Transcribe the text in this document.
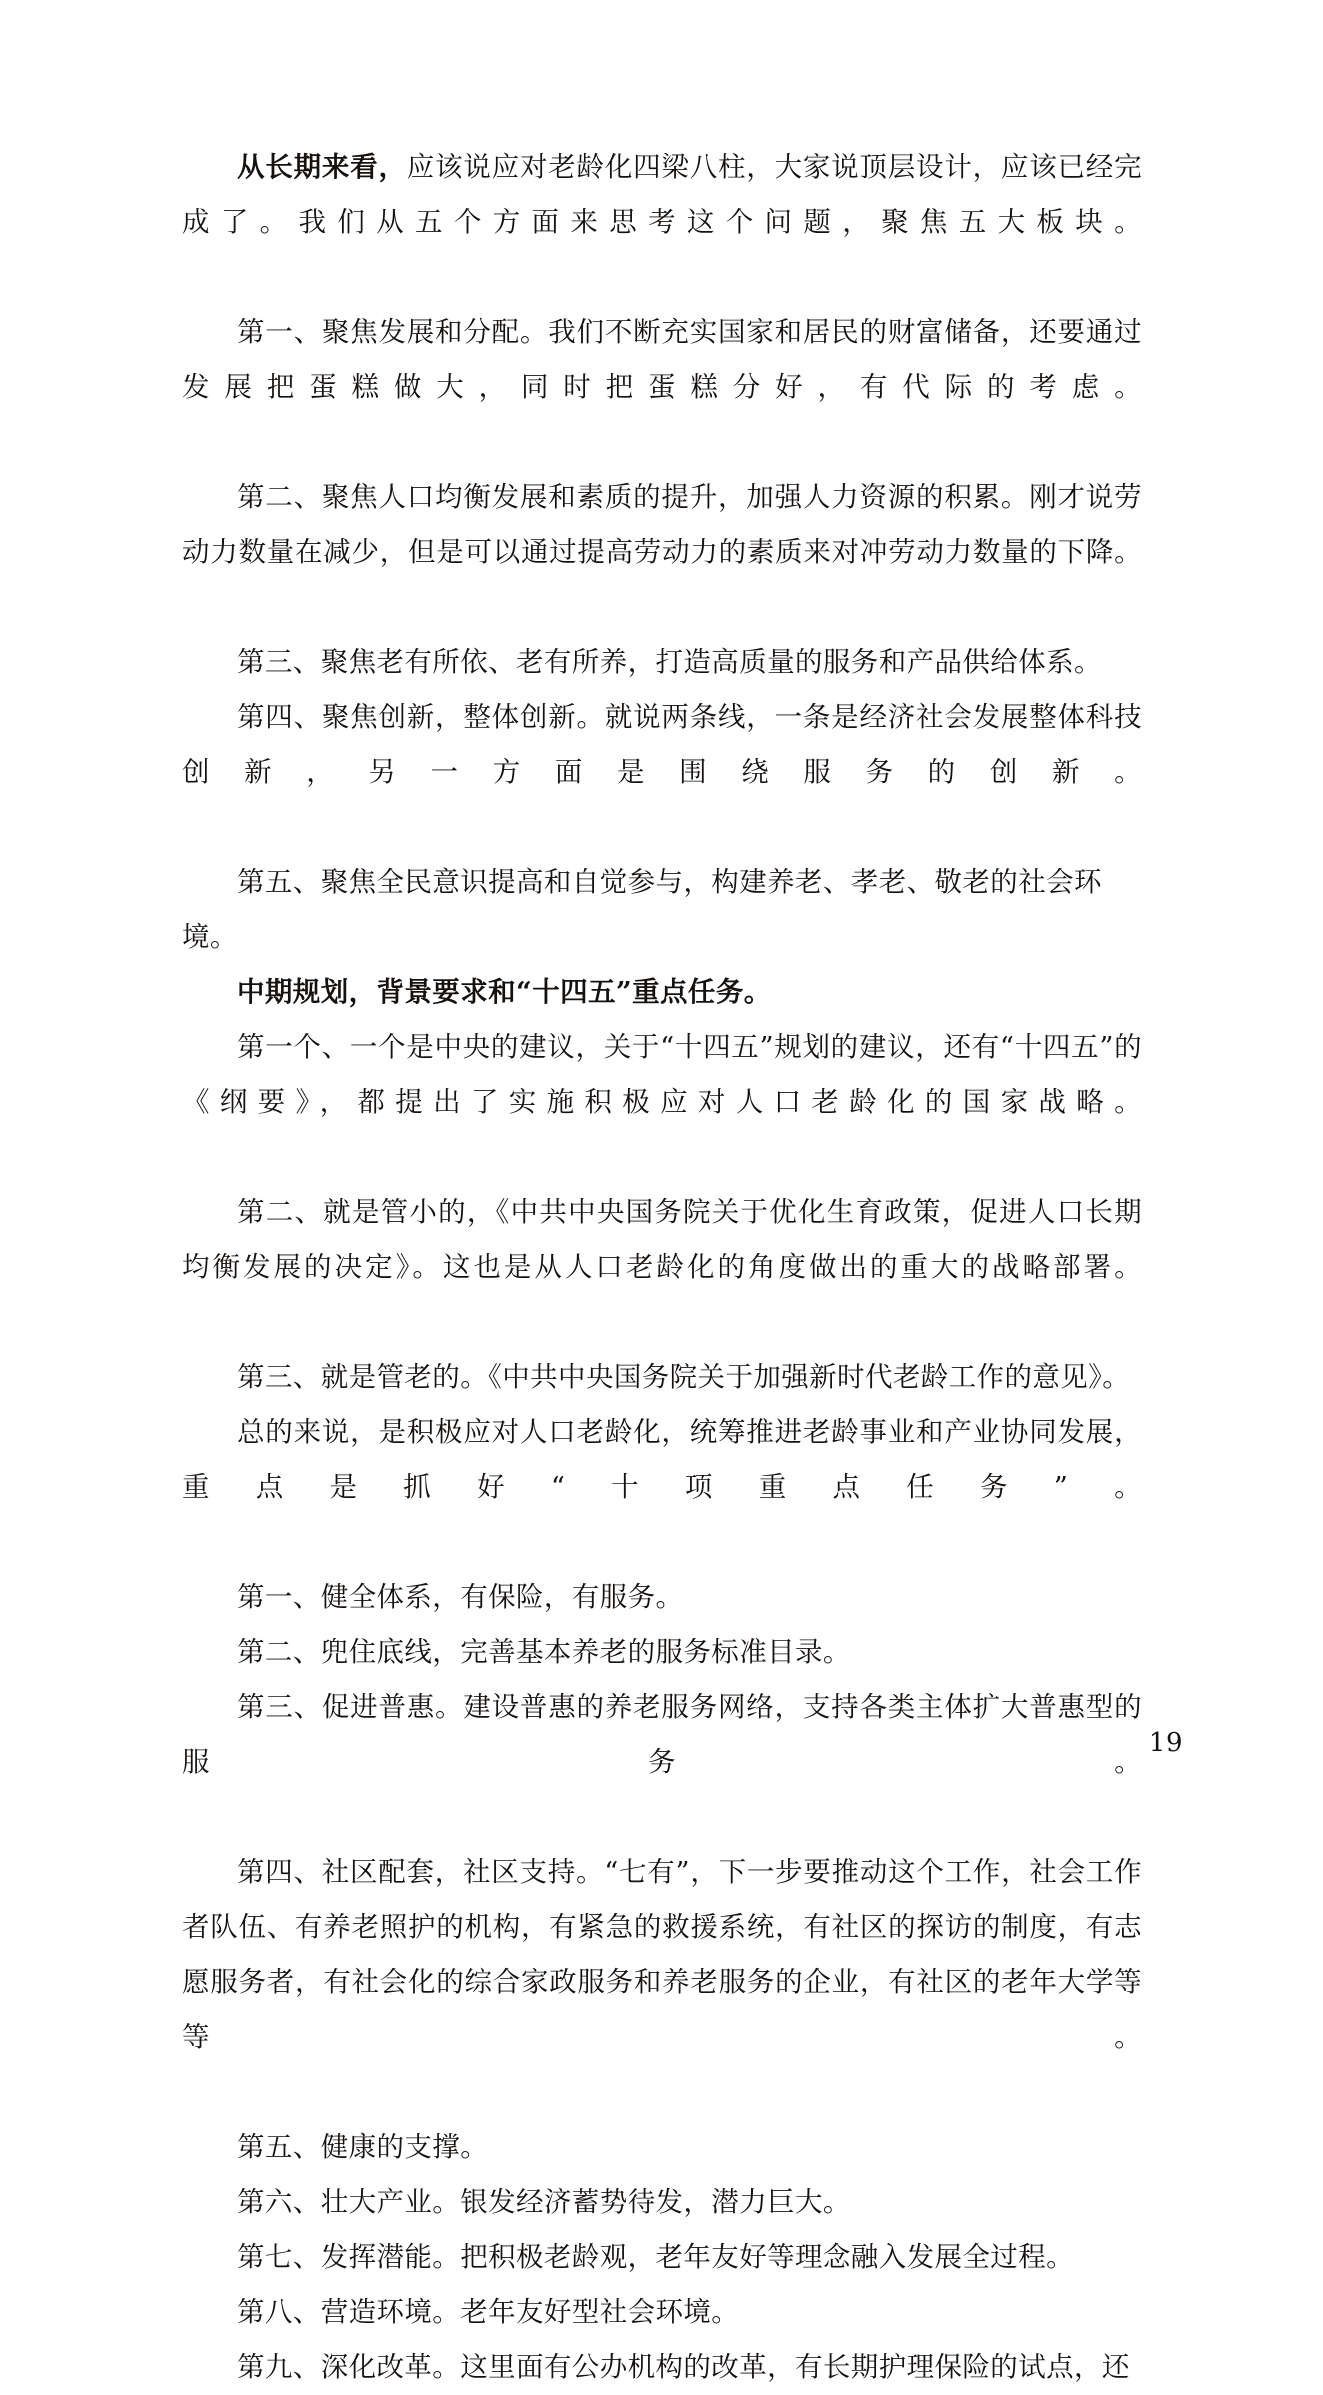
从长期来看，应该说应对老龄化四梁八柱，大家说顶层设计，应该已经完成了。我们从五个方面来思考这个问题，聚焦五大板块。

第一、聚焦发展和分配。我们不断充实国家和居民的财富储备，还要通过发展把蛋糕做大，同时把蛋糕分好，有代际的考虑。

第二、聚焦人口均衡发展和素质的提升，加强人力资源的积累。刚才说劳动力数量在减少，但是可以通过提高劳动力的素质来对冲劳动力数量的下降。

第三、聚焦老有所依、老有所养，打造高质量的服务和产品供给体系。

第四、聚焦创新，整体创新。就说两条线，一条是经济社会发展整体科技创新，另一方面是围绕服务的创新。

第五、聚焦全民意识提高和自觉参与，构建养老、孝老、敬老的社会环境。

中期规划，背景要求和“十四五”重点任务。

第一个、一个是中央的建议，关于“十四五”规划的建议，还有“十四五”的《纲要》，都提出了实施积极应对人口老龄化的国家战略。

第二、就是管小的，《中共中央国务院关于优化生育政策，促进人口长期均衡发展的决定》。这也是从人口老龄化的角度做出的重大的战略部署。

第三、就是管老的。《中共中央国务院关于加强新时代老龄工作的意见》。

总的来说，是积极应对人口老龄化，统筹推进老龄事业和产业协同发展，重点是抓好“十项重点任务”。

第一、健全体系，有保险，有服务。

第二、兜住底线，完善基本养老的服务标准目录。

第三、促进普惠。建设普惠的养老服务网络，支持各类主体扩大普惠型的服务。

第四、社区配套，社区支持。“七有”，下一步要推动这个工作，社会工作者队伍、有养老照护的机构，有紧急的救援系统，有社区的探访的制度，有志愿服务者，有社会化的综合家政服务和养老服务的企业，有社区的老年大学等等。

第五、健康的支撑。

第六、壮大产业。银发经济蓄势待发，潜力巨大。

第七、发挥潜能。把积极老龄观，老年友好等理念融入发展全过程。

第八、营造环境。老年友好型社会环境。

第九、深化改革。这里面有公办机构的改革，有长期护理保险的试点，还

19
